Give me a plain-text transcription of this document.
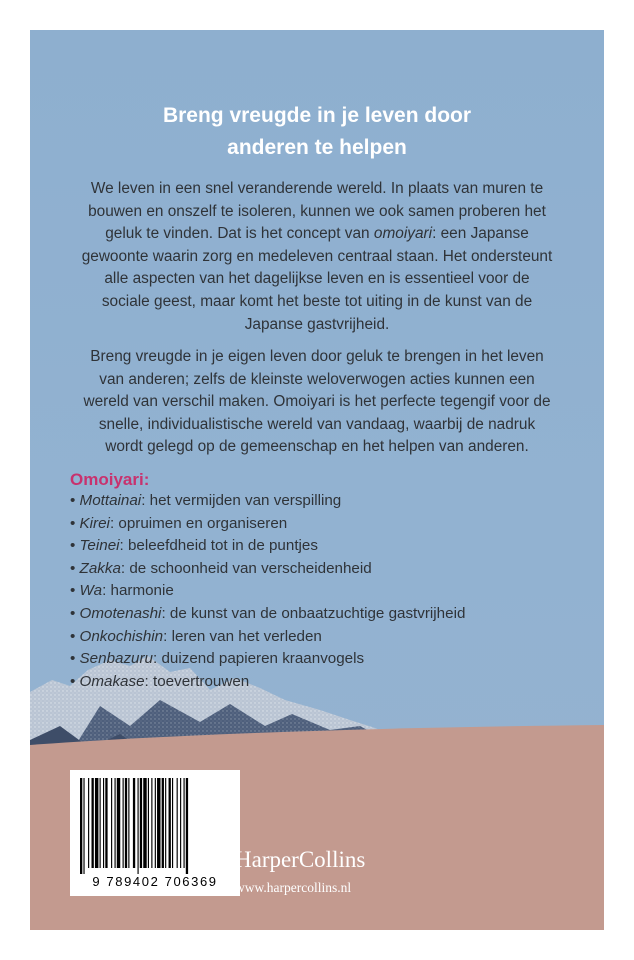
Breng vreugde in je leven door
anderen te helpen

We leven in een snel veranderende wereld. In plaats van muren te bouwen en onszelf te isoleren, kunnen we ook samen proberen het geluk te vinden. Dat is het concept van omoiyari: een Japanse gewoonte waarin zorg en medeleven centraal staan. Het ondersteunt alle aspecten van het dagelijkse leven en is essentieel voor de sociale geest, maar komt het beste tot uiting in de kunst van de Japanse gastvrijheid.

Breng vreugde in je eigen leven door geluk te brengen in het leven van anderen; zelfs de kleinste weloverwogen acties kunnen een wereld van verschil maken. Omoiyari is het perfecte tegengif voor de snelle, individualistische wereld van vandaag, waarbij de nadruk wordt gelegd op de gemeenschap en het helpen van anderen.

Omoiyari:
• Mottainai: het vermijden van verspilling
• Kirei: opruimen en organiseren
• Teinei: beleefdheid tot in de puntjes
• Zakka: de schoonheid van verscheidenheid
• Wa: harmonie
• Omotenashi: de kunst van de onbaatzuchtige gastvrijheid
• Onkochishin: leren van het verleden
• Senbazuru: duizend papieren kraanvogels
• Omakase: toevertrouwen
9 789402 706369
HarperCollins
www.harpercollins.nl
